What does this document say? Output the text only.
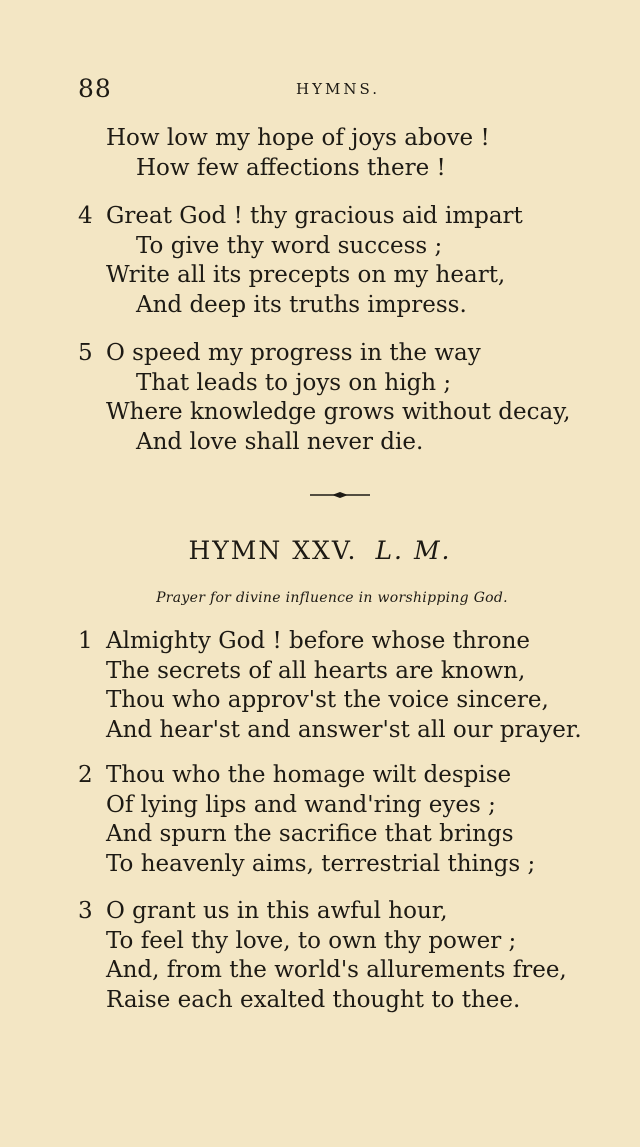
88	HYMNS.
How low my hope of joys above !
How few affections there !
4 Great God ! thy gracious aid impart
To give thy word success ;
Write all its precepts on my heart,
And deep its truths impress.
5 O speed my progress in the way
That leads to joys on high ;
Where knowledge grows without decay,
And love shall never die.
HYMN XXV. L. M.
Prayer for divine influence in worshipping God.
1 Almighty God ! before whose throne
The secrets of all hearts are known,
Thou who approv'st the voice sincere,
And hear'st and answer'st all our prayer.
2 Thou who the homage wilt despise
Of lying lips and wand'ring eyes ;
And spurn the sacrifice that brings
To heavenly aims, terrestrial things ;
3 O grant us in this awful hour,
To feel thy love, to own thy power ;
And, from the world's allurements free,
Raise each exalted thought to thee.
